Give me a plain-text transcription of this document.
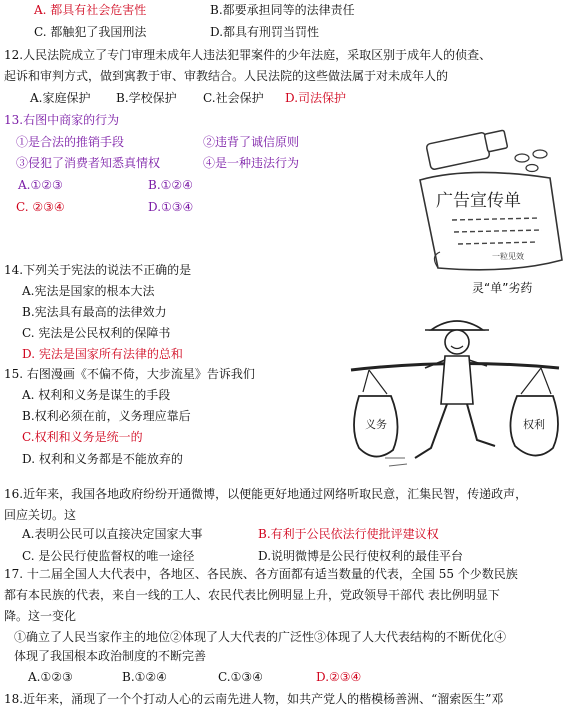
A. 都具有社会危害性	B.都要承担同等的法律责任
C. 都触犯了我国刑法	D.都具有刑罚当罚性
12.人民法院成立了专门审理未成年人违法犯罪案件的少年法庭，采取区别于成年人的侦查、
起诉和审判方式，做到寓教于审、审教结合。人民法院的这些做法属于对未成年人的
A.家庭保护 B.学校保护 C.社会保护 D.司法保护
13.右图中商家的行为
①是合法的推销手段	②违背了诚信原则
③侵犯了消费者知悉真情权	④是一种违法行为
A.①②③	B.①②④
C. ②③④	D.①③④	广告宣传单
一粒见效
灵“单”劣药
14.下列关于宪法的说法不正确的是
A.宪法是国家的根本大法
B.宪法具有最高的法律效力
C. 宪法是公民权利的保障书
D. 宪法是国家所有法律的总和
15. 右图漫画《不偏不倚，大步流星》告诉我们
A. 权利和义务是谋生的手段
B.权利必须在前，义务理应靠后
C.权利和义务是统一的
D. 权利和义务都是不能放弃的
义务	权利
16.近年来，我国各地政府纷纷开通微博，以便能更好地通过网络听取民意，汇集民智，传递政声，
回应关切。这
A.表明公民可以直接决定国家大事	B.有利于公民依法行使批评建议权
C. 是公民行使监督权的唯一途径	D.说明微博是公民行使权利的最佳平台
17. 十二届全国人大代表中，各地区、各民族、各方面都有适当数量的代表，全国 55 个少数民族
都有本民族的代表，来自一线的工人、农民代表比例明显上升，党政领导干部代 表比例明显下
降。这一变化
①确立了人民当家作主的地位②体现了人大代表的广泛性③体现了人大代表结构的不断优化④
体现了我国根本政治制度的不断完善
A.①②③	B.①②④	C.①③④	D.②③④
18.近年来，涌现了一个个打动人心的云南先进人物，如共产党人的楷模杨善洲、“溜索医生”邓
